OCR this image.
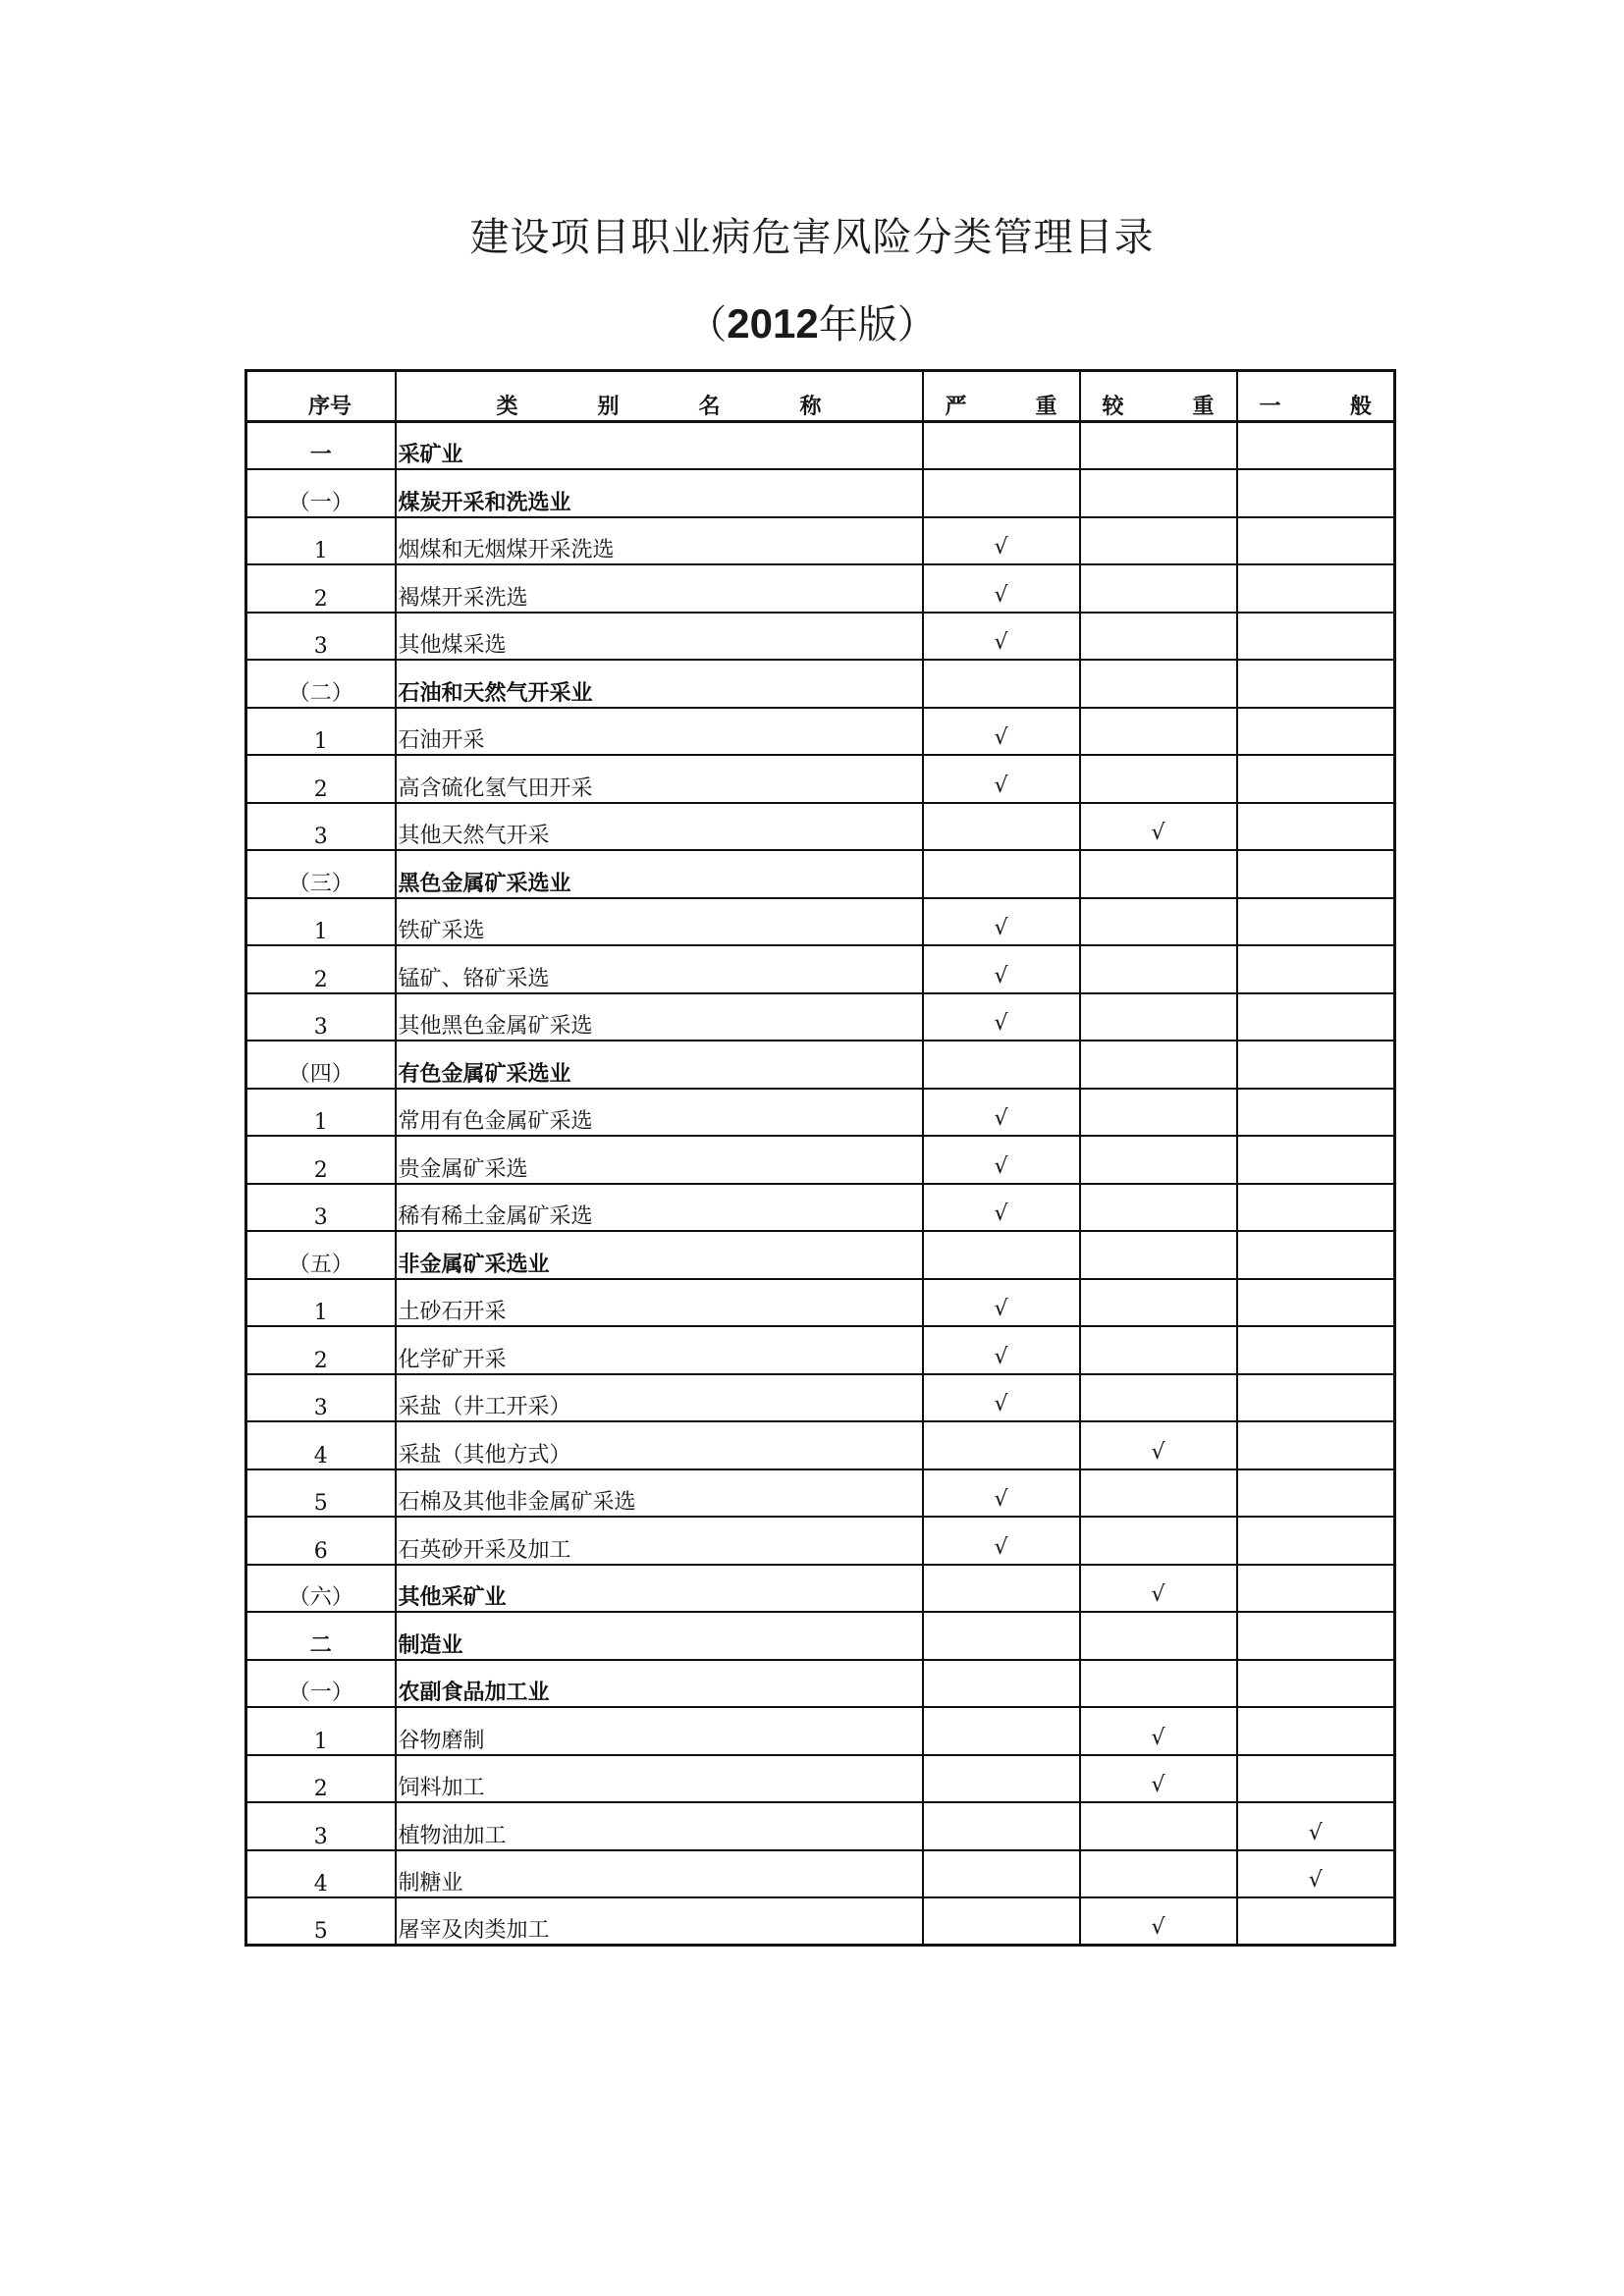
建设项目职业病危害风险分类管理目录
（2012年版）
序 号	类 别 名 称	严 重	较 重	一 般

一	采矿业			
（一）	煤炭开采和洗选业			
1	烟煤和无烟煤开采洗选	√		
2	褐煤开采洗选	√		
3	其他煤采选	√		
（二）	石油和天然气开采业			
1	石油开采	√		
2	高含硫化氢气田开采	√		
3	其他天然气开采		√	
（三）	黑色金属矿采选业			
1	铁矿采选	√		
2	锰矿、铬矿采选	√		
3	其他黑色金属矿采选	√		
（四）	有色金属矿采选业			
1	常用有色金属矿采选	√		
2	贵金属矿采选	√		
3	稀有稀土金属矿采选	√		
（五）	非金属矿采选业			
1	土砂石开采	√		
2	化学矿开采	√		
3	采盐（井工开采）	√		
4	采盐（其他方式）		√	
5	石棉及其他非金属矿采选	√		
6	石英砂开采及加工	√		
（六）	其他采矿业		√	
二	制造业			
（一）	农副食品加工业			
1	谷物磨制		√	
2	饲料加工		√	
3	植物油加工			√
4	制糖业			√
5	屠宰及肉类加工		√	
